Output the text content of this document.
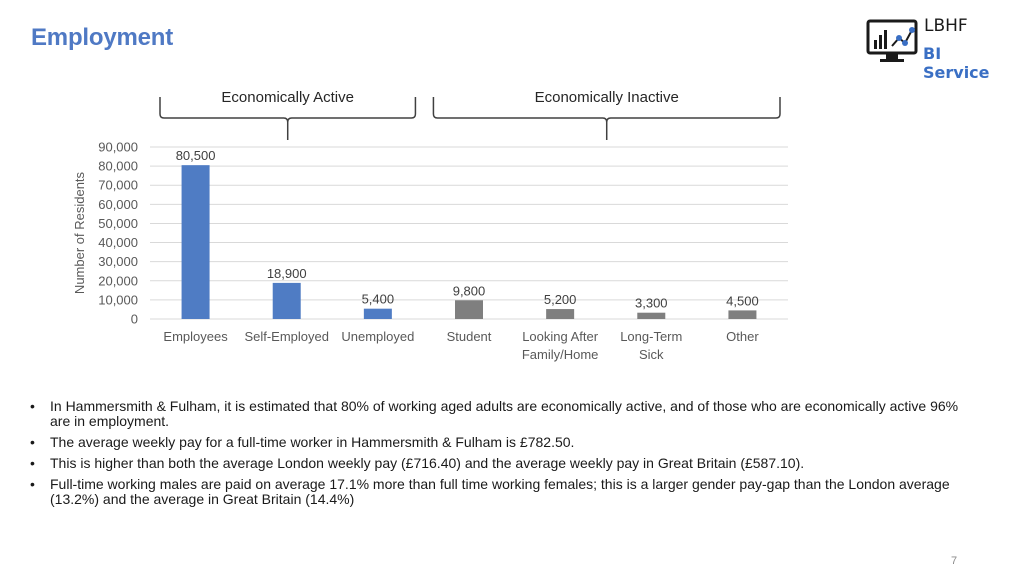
Employment	LBHF
BI Service
0
10,000
20,000
30,000
40,000
50,000
60,000
70,000
80,000
90,000
Number of Residents
80,500
Employees
18,900
Self-Employed
5,400
Unemployed
9,800
Student
5,200
Looking After
Family/Home
3,300
Long-Term
Sick
4,500
Other
Economically Active	Economically Inactive
• In Hammersmith & Fulham, it is estimated that 80% of working aged adults are economically active, and of those who are economically active 96% are in employment.
• The average weekly pay for a full-time worker in Hammersmith & Fulham is £782.50.
• This is higher than both the average London weekly pay (£716.40) and the average weekly pay in Great Britain (£587.10).
• Full-time working males are paid on average 17.1% more than full time working females; this is a larger gender pay-gap than the London average (13.2%) and the average in Great Britain (14.4%)
7
